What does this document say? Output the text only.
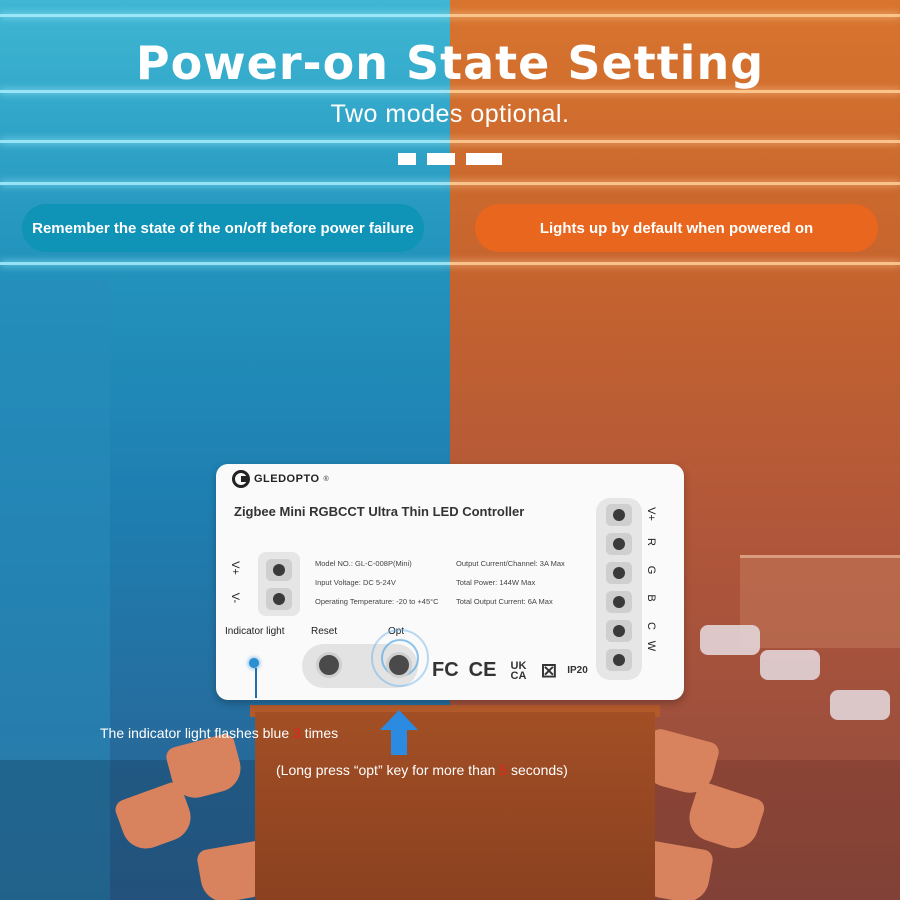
Power-on State Setting
Two modes optional.
Remember the state of the on/off before power failure	Lights up by default when powered on
GLEDOPTO ®
Zigbee Mini RGBCCT Ultra Thin LED Controller
V+
V-
Model NO.: GL-C-008P(Mini)
Input Voltage: DC 5-24V
Operating Temperature: -20 to +45°C
Output Current/Channel: 3A Max
Total Power: 144W Max
Total Output Current: 6A Max
V+
R
G
B
C
W
Indicator light	Reset	Opt
FC CE	UK CA ⊠ IP20
The indicator light flashes blue 3 times
(Long press “opt” key for more than 5 seconds)
